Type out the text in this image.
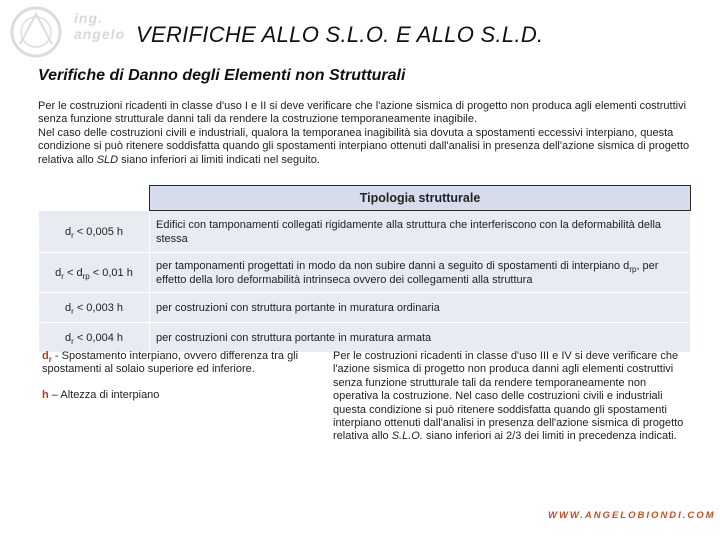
ing. angelo VERIFICHE ALLO S.L.O. E ALLO S.L.D.
Verifiche di Danno degli Elementi non Strutturali

Per le costruzioni ricadenti in classe d'uso I e II si deve verificare che l'azione sismica di progetto non produca agli elementi costruttivi senza funzione strutturale danni tali da rendere la costruzione temporaneamente inagibile.

Nel caso delle costruzioni civili e industriali, qualora la temporanea inagibilità sia dovuta a spostamenti eccessivi interpiano, questa condizione si può ritenere soddisfatta quando gli spostamenti interpiano ottenuti dall'analisi in presenza dell'azione sismica di progetto relativa allo SLD siano inferiori ai limiti indicati nel seguito.

	Tipologia strutturale
$d_r < 0,005$ h	Edifici con tamponamenti collegati rigidamente alla struttura che interferiscono con la deformabilità della stessa
$d_r < d_{rp} < 0,01$ h	per tamponamenti progettati in modo da non subire danni a seguito di spostamenti di interpiano $d_{rp}$, per effetto della loro deformabilità intrinseca ovvero dei collegamenti alla struttura
$d_r < 0,003$ h	per costruzioni con struttura portante in muratura ordinaria
$d_r < 0,004$ h	per costruzioni con struttura portante in muratura armata

$d_r$ - Spostamento interpiano, ovvero differenza tra gli spostamenti al solaio superiore ed inferiore.

h – Altezza di interpiano

Per le costruzioni ricadenti in classe d'uso III e IV si deve verificare che l'azione sismica di progetto non produca danni agli elementi costruttivi senza funzione strutturale tali da rendere temporaneamente non operativa la costruzione. Nel caso delle costruzioni civili e industriali questa condizione si può ritenere soddisfatta quando gli spostamenti interpiano ottenuti dall'analisi in presenza dell'azione sismica di progetto relativa allo S.L.O. siano inferiori ai 2/3 dei limiti in precedenza indicati.

WWW.ANGELOBIONDI.COM
